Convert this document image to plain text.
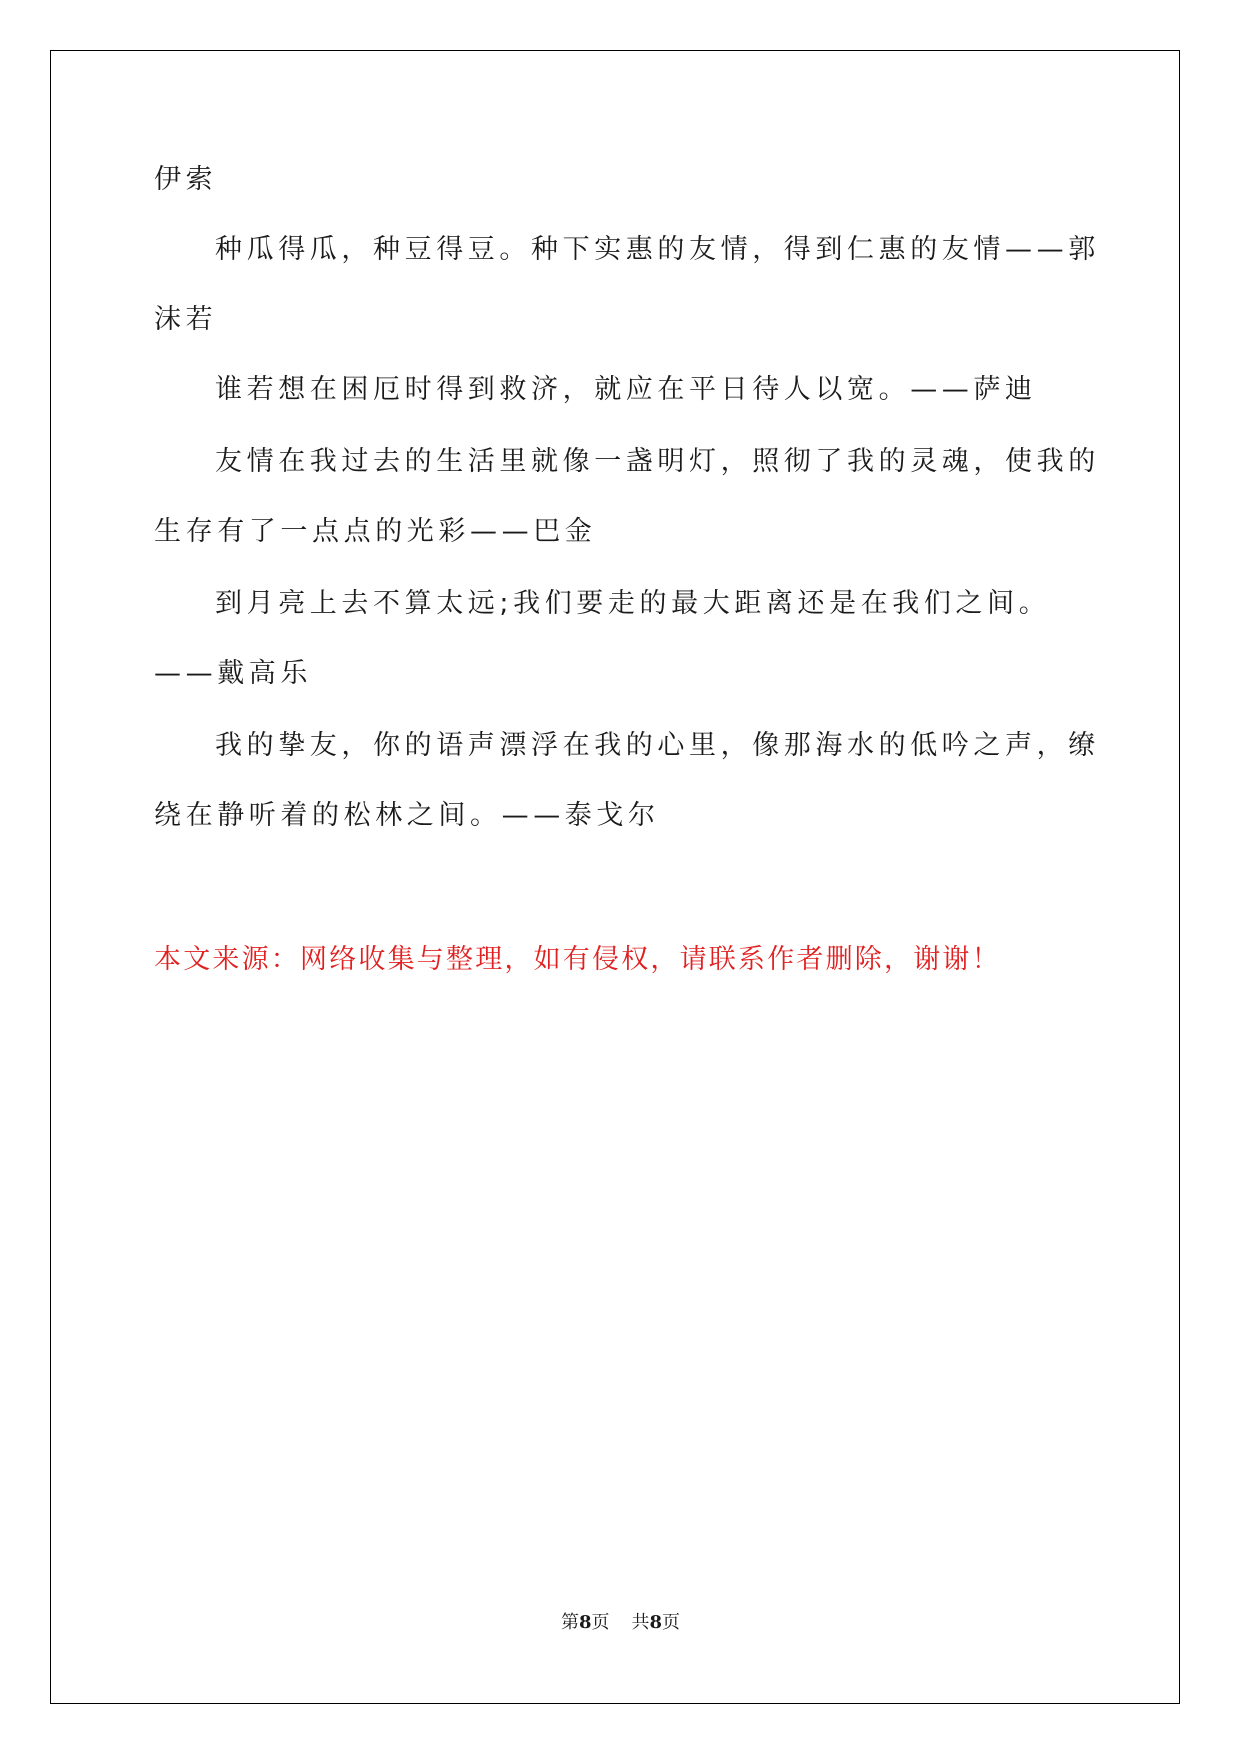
伊索
种瓜得瓜，种豆得豆。种下实惠的友情，得到仁惠的友情——郭
沫若
谁若想在困厄时得到救济，就应在平日待人以宽。——萨迪
友情在我过去的生活里就像一盏明灯，照彻了我的灵魂，使我的
生存有了一点点的光彩——巴金
到月亮上去不算太远;我们要走的最大距离还是在我们之间。
——戴高乐
我的挚友，你的语声漂浮在我的心里，像那海水的低吟之声，缭
绕在静听着的松林之间。——泰戈尔
本文来源：网络收集与整理，如有侵权，请联系作者删除，谢谢！
第8页 共8页
